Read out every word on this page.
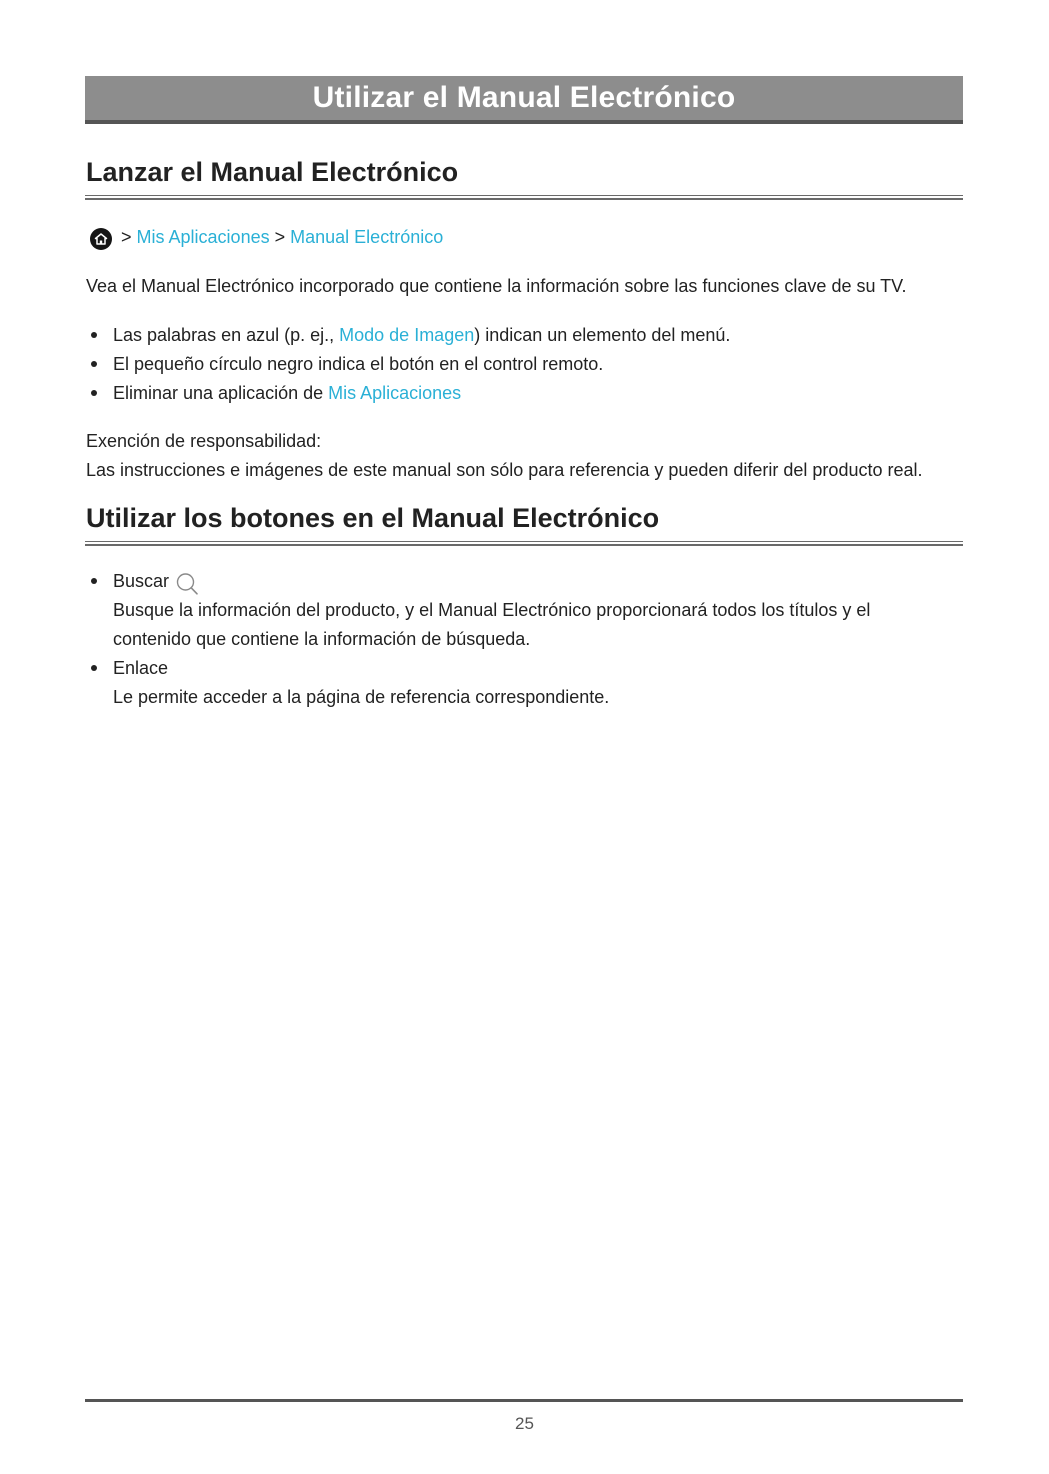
Utilizar el Manual Electrónico
Lanzar el Manual Electrónico
> Mis Aplicaciones > Manual Electrónico
Vea el Manual Electrónico incorporado que contiene la información sobre las funciones clave de su TV.
Las palabras en azul (p. ej., Modo de Imagen) indican un elemento del menú.
El pequeño círculo negro indica el botón en el control remoto.
Eliminar una aplicación de Mis Aplicaciones
Exención de responsabilidad:
Las instrucciones e imágenes de este manual son sólo para referencia y pueden diferir del producto real.
Utilizar los botones en el Manual Electrónico
Buscar
Busque la información del producto, y el Manual Electrónico proporcionará todos los títulos y el
contenido que contiene la información de búsqueda.
Enlace
Le permite acceder a la página de referencia correspondiente.
25
